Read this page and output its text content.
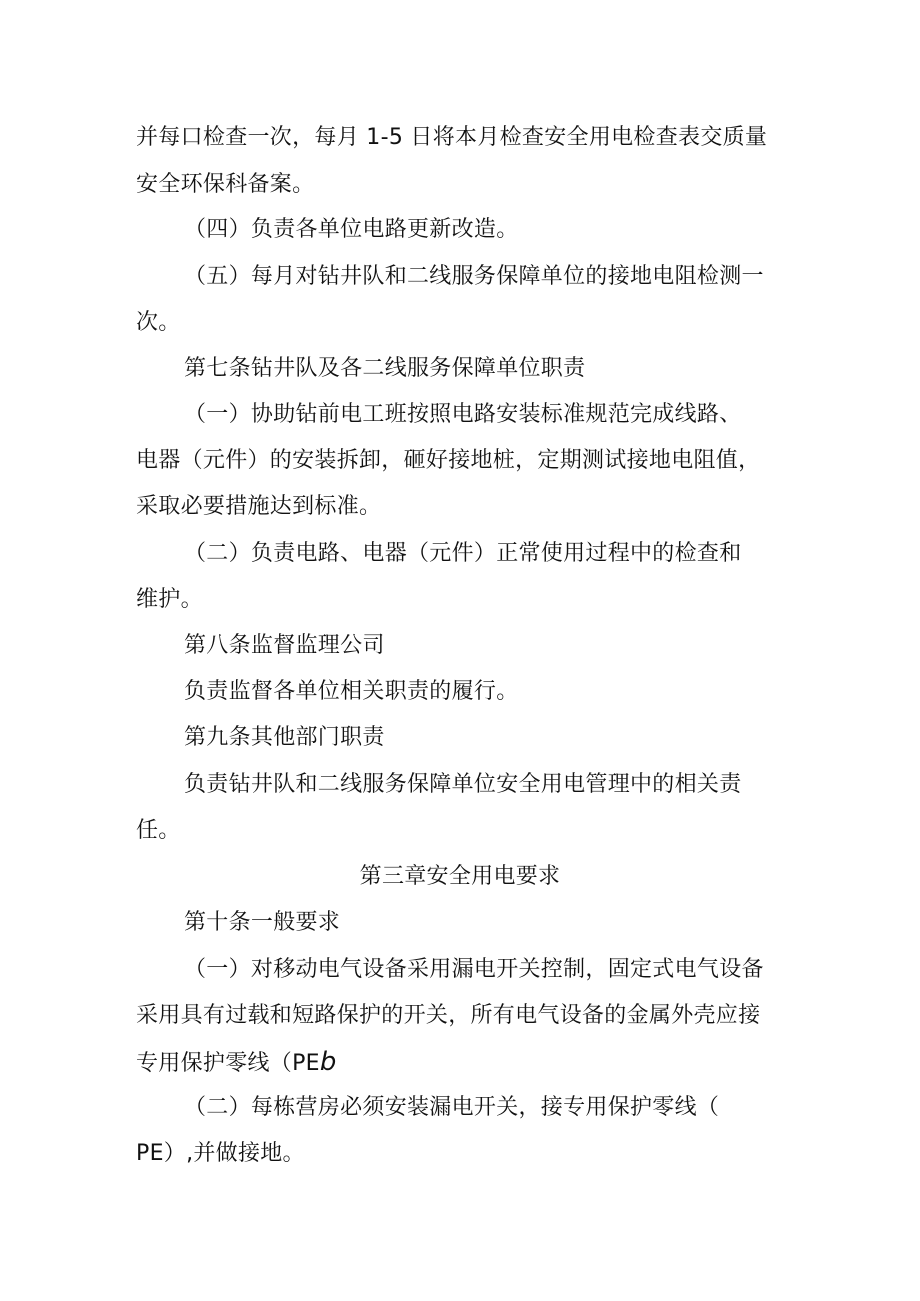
并每口检查一次，每月 1-5 日将本月检查安全用电检查表交质量
安全环保科备案。
（四）负责各单位电路更新改造。
（五）每月对钻井队和二线服务保障单位的接地电阻检测一
次。
第七条钻井队及各二线服务保障单位职责
（一）协助钻前电工班按照电路安装标准规范完成线路、
电器（元件）的安装拆卸，砸好接地桩，定期测试接地电阻值，
采取必要措施达到标准。
（二）负责电路、电器（元件）正常使用过程中的检查和
维护。
第八条监督监理公司
负责监督各单位相关职责的履行。
第九条其他部门职责
负责钻井队和二线服务保障单位安全用电管理中的相关责
任。
第三章安全用电要求
第十条一般要求
（一）对移动电气设备采用漏电开关控制，固定式电气设备
采用具有过载和短路保护的开关，所有电气设备的金属外壳应接
专用保护零线（PEb
（二）每栋营房必须安装漏电开关，接专用保护零线（
PE）,并做接地。
